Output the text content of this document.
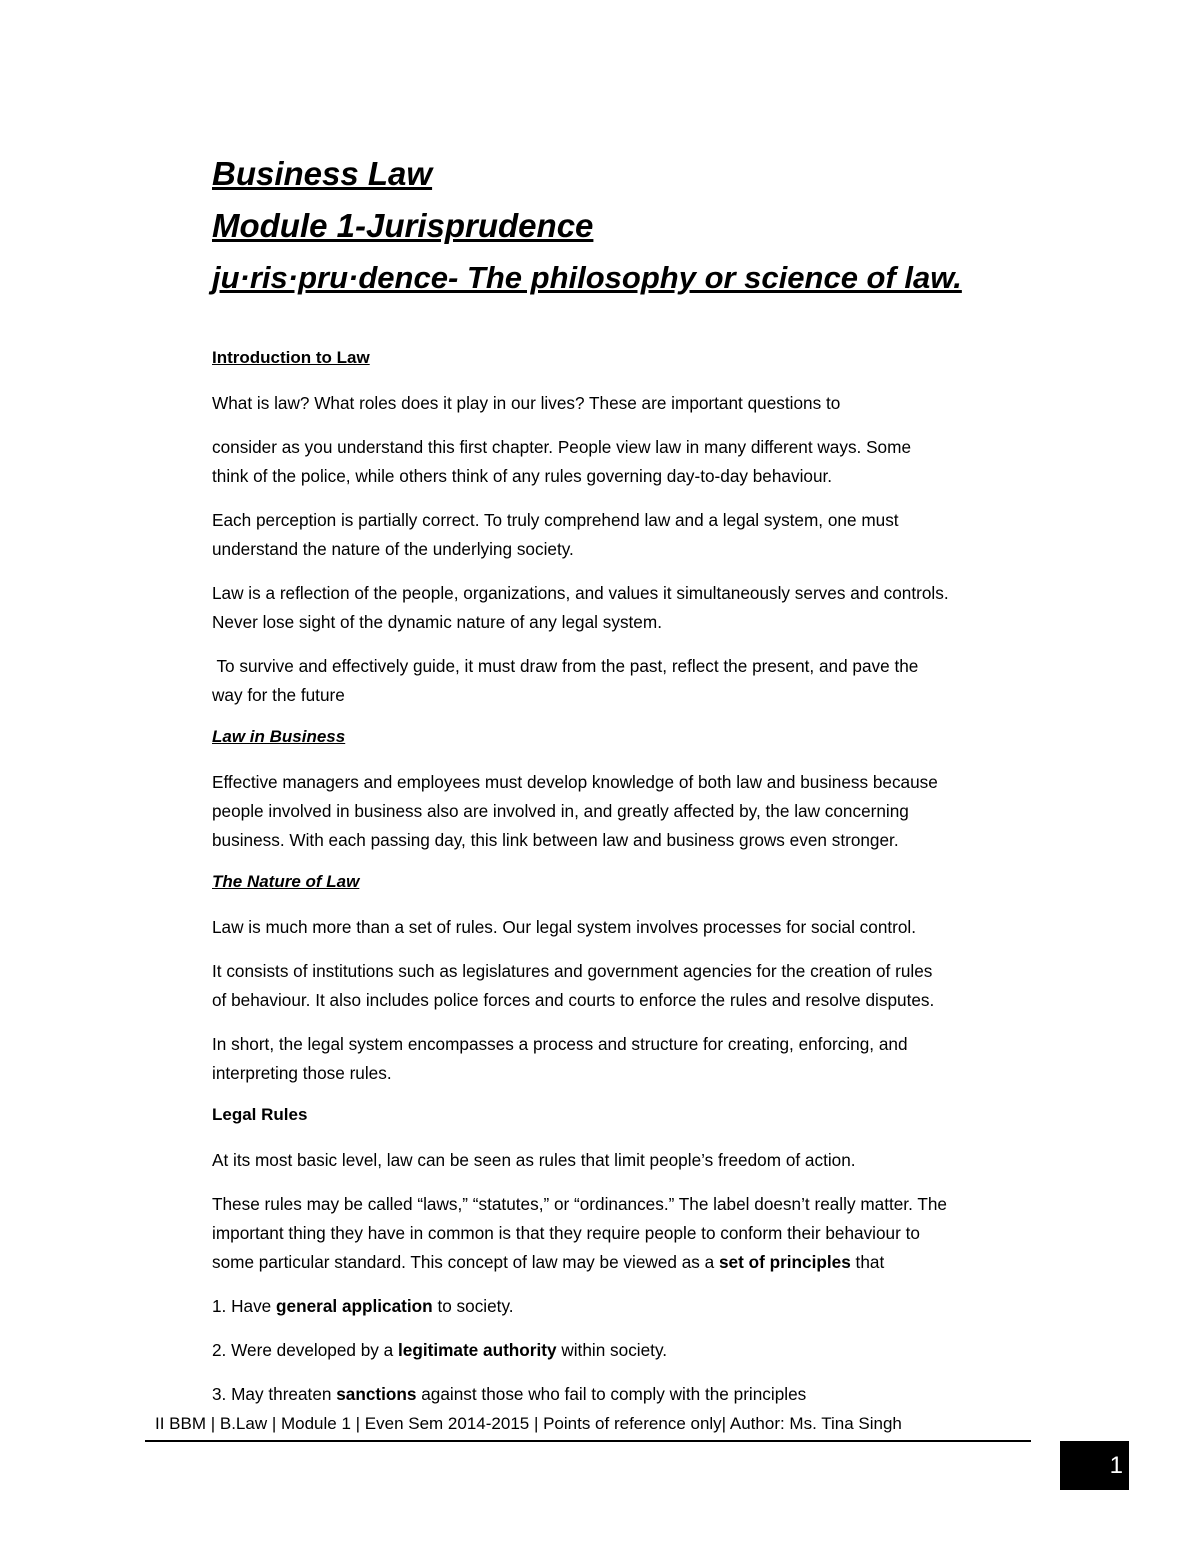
Business Law
Module 1-Jurisprudence
ju·ris·pru·dence- The philosophy or science of law.
Introduction to Law

What is law? What roles does it play in our lives? These are important questions to

consider as you understand this first chapter. People view law in many different ways. Some
think of the police, while others think of any rules governing day-to-day behaviour.

Each perception is partially correct. To truly comprehend law and a legal system, one must
understand the nature of the underlying society.

Law is a reflection of the people, organizations, and values it simultaneously serves and controls.
Never lose sight of the dynamic nature of any legal system.

To survive and effectively guide, it must draw from the past, reflect the present, and pave the
way for the future

Law in Business

Effective managers and employees must develop knowledge of both law and business because
people involved in business also are involved in, and greatly affected by, the law concerning
business. With each passing day, this link between law and business grows even stronger.

The Nature of Law

Law is much more than a set of rules. Our legal system involves processes for social control.

It consists of institutions such as legislatures and government agencies for the creation of rules
of behaviour. It also includes police forces and courts to enforce the rules and resolve disputes.

In short, the legal system encompasses a process and structure for creating, enforcing, and
interpreting those rules.

Legal Rules

At its most basic level, law can be seen as rules that limit people’s freedom of action.

These rules may be called “laws,” “statutes,” or “ordinances.” The label doesn’t really matter. The
important thing they have in common is that they require people to conform their behaviour to
some particular standard. This concept of law may be viewed as a set of principles that

1. Have general application to society.

2. Were developed by a legitimate authority within society.

3. May threaten sanctions against those who fail to comply with the principles

II BBM | B.Law | Module 1 | Even Sem 2014-2015 | Points of reference only| Author: Ms. Tina Singh
1
